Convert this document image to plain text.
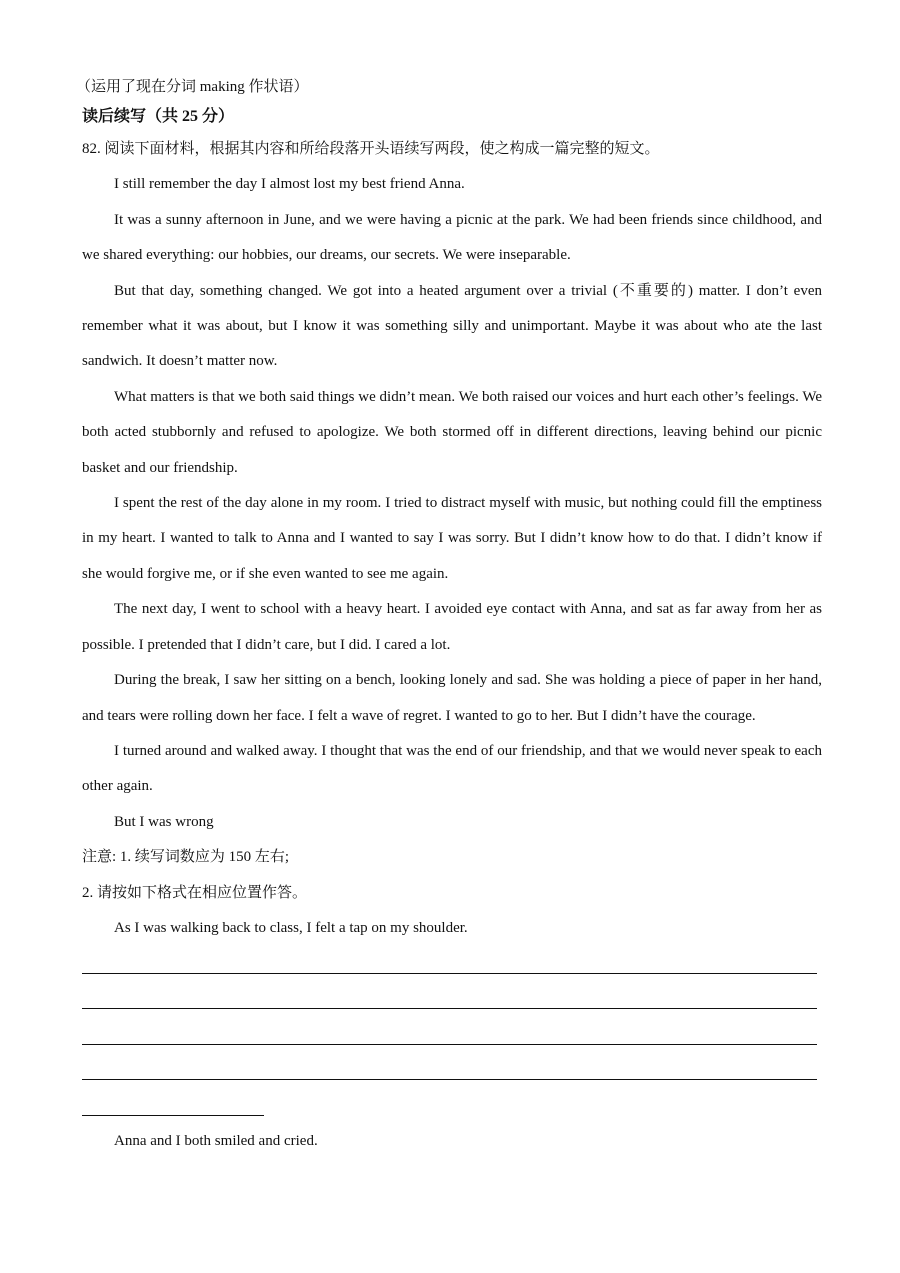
（运用了现在分词 making 作状语）
读后续写（共 25 分）
82. 阅读下面材料，根据其内容和所给段落开头语续写两段，使之构成一篇完整的短文。
I still remember the day I almost lost my best friend Anna.
It was a sunny afternoon in June, and we were having a picnic at the park. We had been friends since childhood, and we shared everything: our hobbies, our dreams, our secrets. We were inseparable.
But that day, something changed. We got into a heated argument over a trivial (不重要的) matter. I don’t even remember what it was about, but I know it was something silly and unimportant. Maybe it was about who ate the last sandwich. It doesn’t matter now.
What matters is that we both said things we didn’t mean. We both raised our voices and hurt each other’s feelings. We both acted stubbornly and refused to apologize. We both stormed off in different directions, leaving behind our picnic basket and our friendship.
I spent the rest of the day alone in my room. I tried to distract myself with music, but nothing could fill the emptiness in my heart. I wanted to talk to Anna and I wanted to say I was sorry. But I didn’t know how to do that. I didn’t know if she would forgive me, or if she even wanted to see me again.
The next day, I went to school with a heavy heart. I avoided eye contact with Anna, and sat as far away from her as possible. I pretended that I didn’t care, but I did. I cared a lot.
During the break, I saw her sitting on a bench, looking lonely and sad. She was holding a piece of paper in her hand, and tears were rolling down her face. I felt a wave of regret. I wanted to go to her. But I didn’t have the courage.
I turned around and walked away. I thought that was the end of our friendship, and that we would never speak to each other again.
But I was wrong
注意: 1. 续写词数应为 150 左右;
2. 请按如下格式在相应位置作答。
As I was walking back to class, I felt a tap on my shoulder.
Anna and I both smiled and cried.
